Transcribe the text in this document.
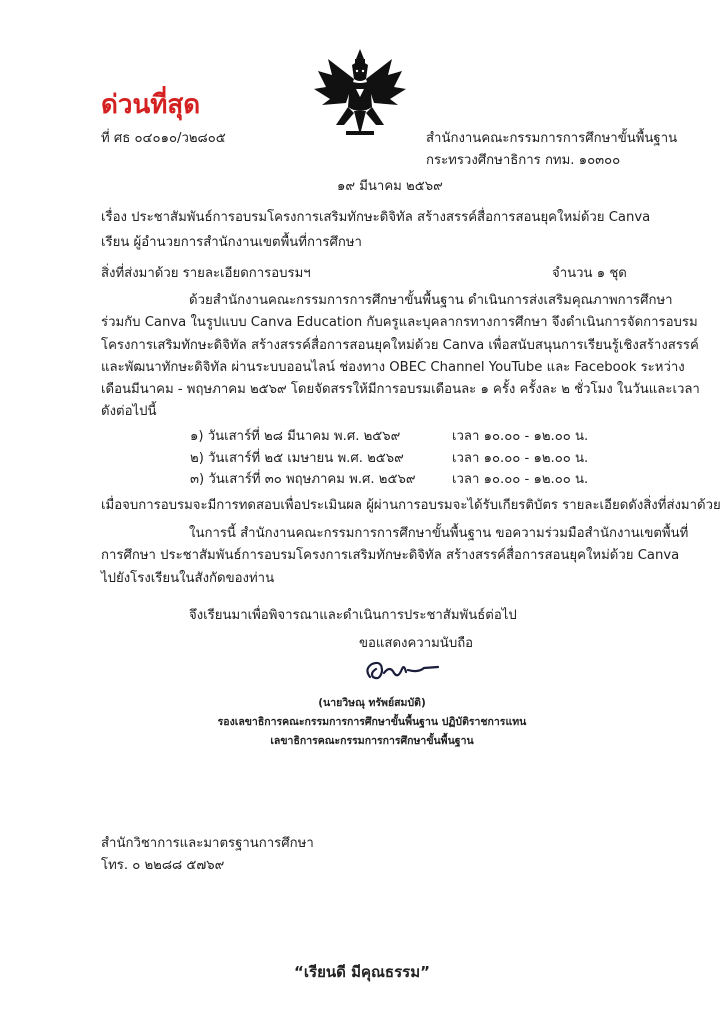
ด่วนที่สุด
ที่ ศธ ๐๔๐๑๐/ว๒๘๐๕	สำนักงานคณะกรรมการการศึกษาขั้นพื้นฐาน
กระทรวงศึกษาธิการ กทม. ๑๐๓๐๐
๑๙ มีนาคม ๒๕๖๙
เรื่อง ประชาสัมพันธ์การอบรมโครงการเสริมทักษะดิจิทัล สร้างสรรค์สื่อการสอนยุคใหม่ด้วย Canva
เรียน ผู้อำนวยการสำนักงานเขตพื้นที่การศึกษา
สิ่งที่ส่งมาด้วย รายละเอียดการอบรมฯ	จำนวน ๑ ชุด
ด้วยสำนักงานคณะกรรมการการศึกษาขั้นพื้นฐาน ดำเนินการส่งเสริมคุณภาพการศึกษา
ร่วมกับ Canva ในรูปแบบ Canva Education กับครูและบุคลากรทางการศึกษา จึงดำเนินการจัดการอบรม
โครงการเสริมทักษะดิจิทัล สร้างสรรค์สื่อการสอนยุคใหม่ด้วย Canva เพื่อสนับสนุนการเรียนรู้เชิงสร้างสรรค์
และพัฒนาทักษะดิจิทัล ผ่านระบบออนไลน์ ช่องทาง OBEC Channel YouTube และ Facebook ระหว่าง
เดือนมีนาคม - พฤษภาคม ๒๕๖๙ โดยจัดสรรให้มีการอบรมเดือนละ ๑ ครั้ง ครั้งละ ๒ ชั่วโมง ในวันและเวลา
ดังต่อไปนี้
๑) วันเสาร์ที่ ๒๘ มีนาคม พ.ศ. ๒๕๖๙	เวลา ๑๐.๐๐ - ๑๒.๐๐ น.
๒) วันเสาร์ที่ ๒๕ เมษายน พ.ศ. ๒๕๖๙	เวลา ๑๐.๐๐ - ๑๒.๐๐ น.
๓) วันเสาร์ที่ ๓๐ พฤษภาคม พ.ศ. ๒๕๖๙	เวลา ๑๐.๐๐ - ๑๒.๐๐ น.
เมื่อจบการอบรมจะมีการทดสอบเพื่อประเมินผล ผู้ผ่านการอบรมจะได้รับเกียรติบัตร รายละเอียดดังสิ่งที่ส่งมาด้วย
ในการนี้ สำนักงานคณะกรรมการการศึกษาขั้นพื้นฐาน ขอความร่วมมือสำนักงานเขตพื้นที่
การศึกษา ประชาสัมพันธ์การอบรมโครงการเสริมทักษะดิจิทัล สร้างสรรค์สื่อการสอนยุคใหม่ด้วย Canva
ไปยังโรงเรียนในสังกัดของท่าน
จึงเรียนมาเพื่อพิจารณาและดำเนินการประชาสัมพันธ์ต่อไป
ขอแสดงความนับถือ
(นายวิษณุ ทรัพย์สมบัติ)
รองเลขาธิการคณะกรรมการการศึกษาขั้นพื้นฐาน ปฏิบัติราชการแทน
เลขาธิการคณะกรรมการการศึกษาขั้นพื้นฐาน
สำนักวิชาการและมาตรฐานการศึกษา
โทร. ๐ ๒๒๘๘ ๕๗๖๙
“เรียนดี มีคุณธรรม”
